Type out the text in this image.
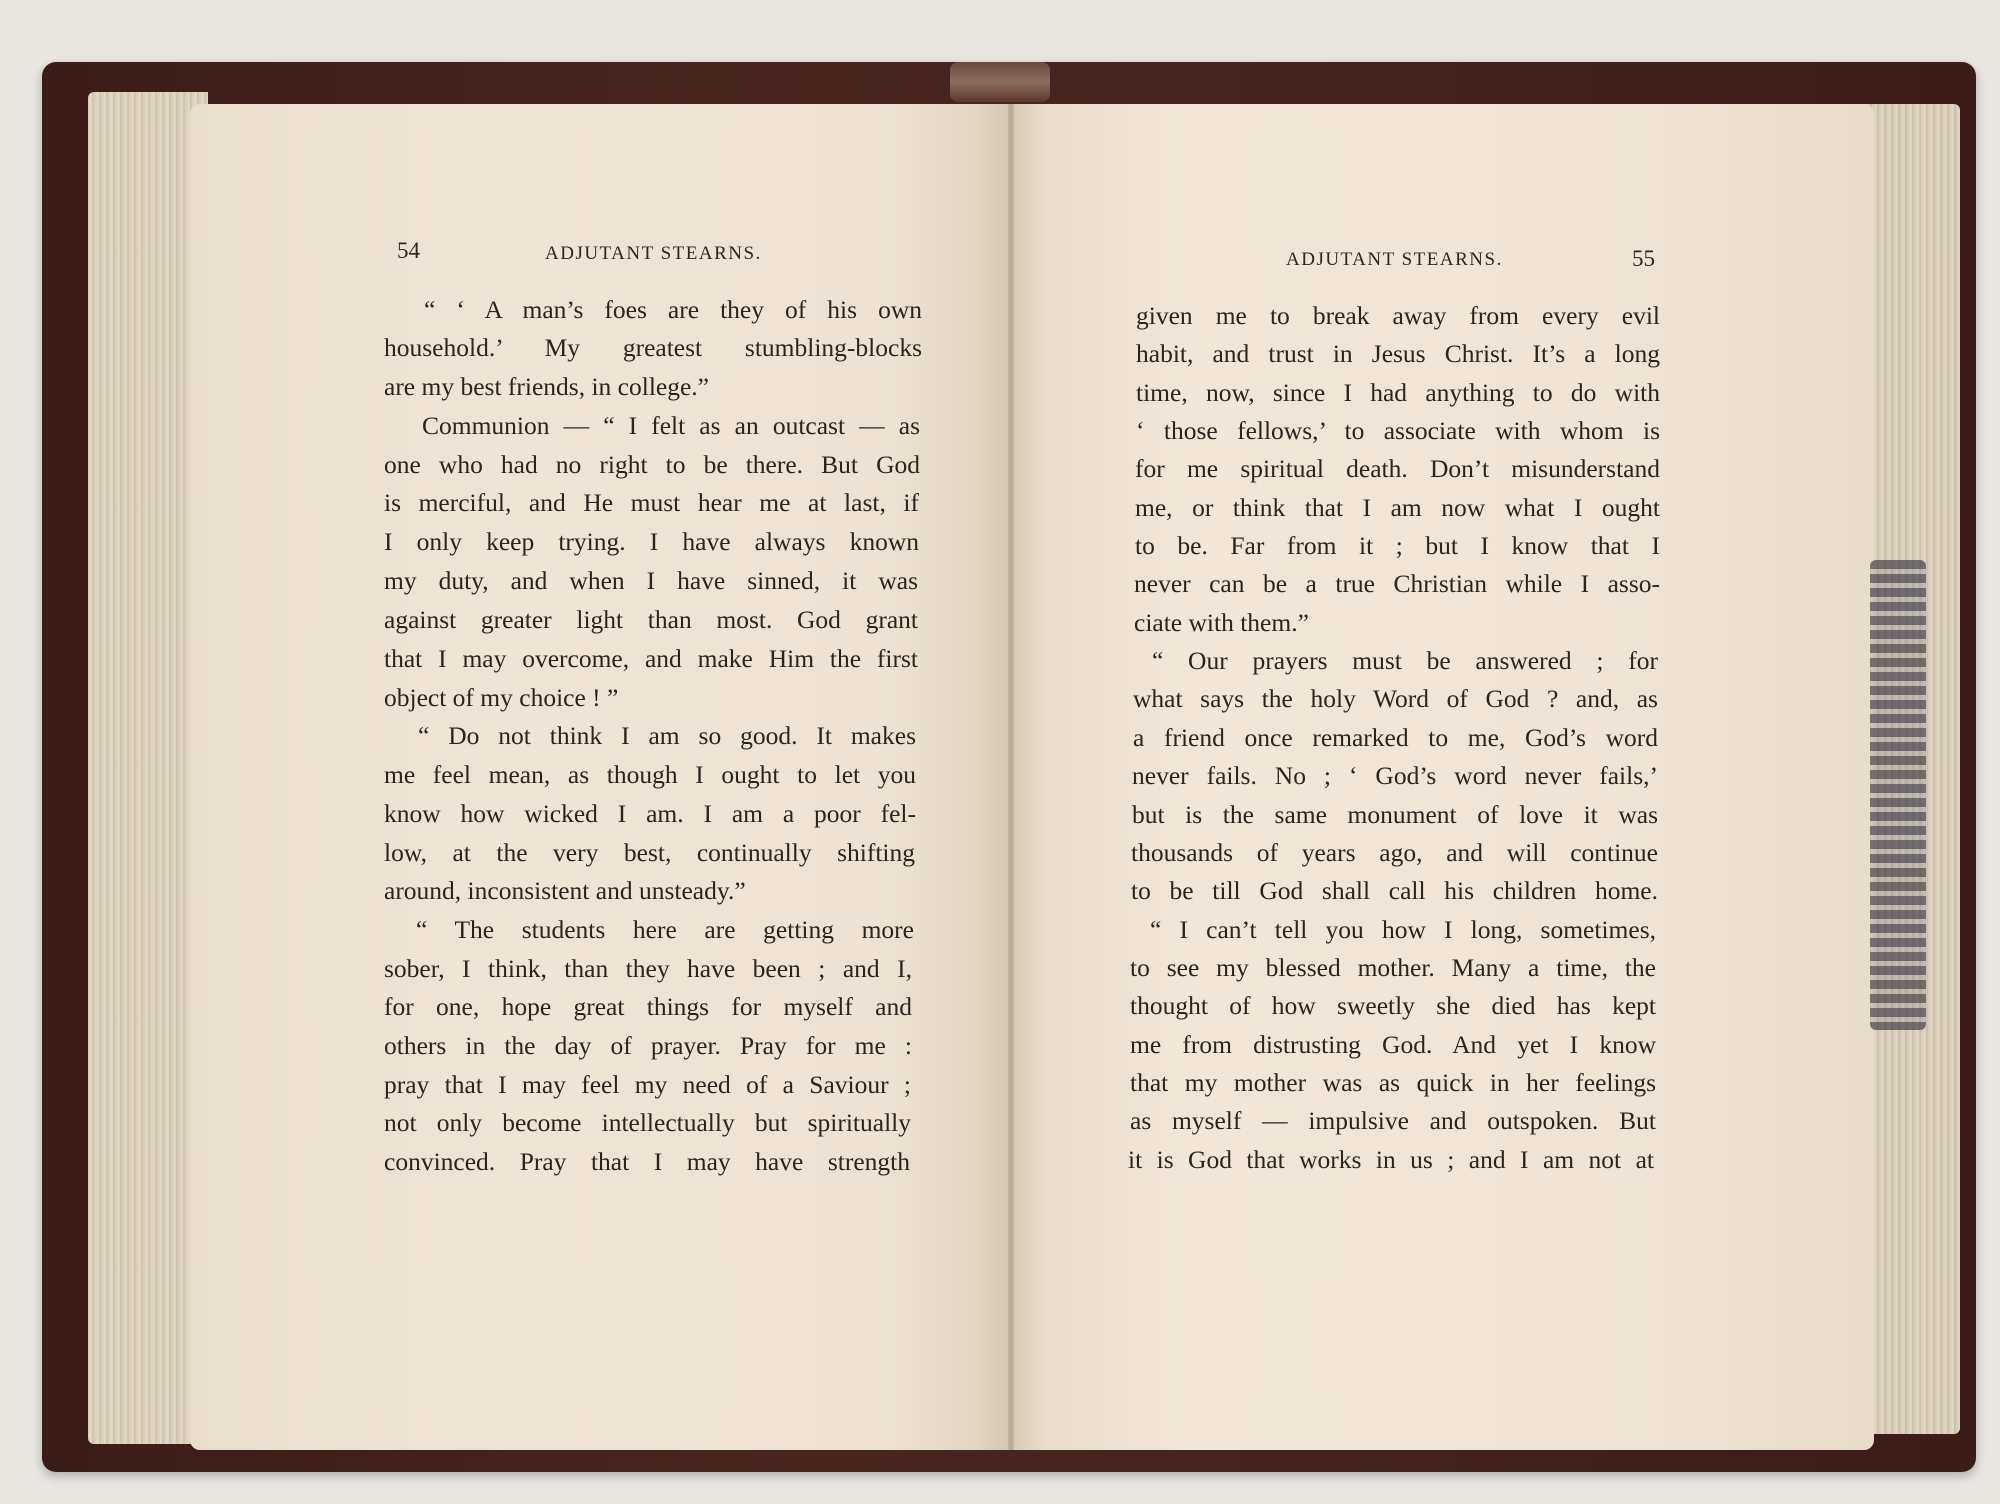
54	ADJUTANT STEARNS.	ADJUTANT STEARNS.	55
“ ‘ A man’s foes are they of his own
household.’ My greatest stumbling-blocks
are my best friends, in college.”
Communion — “ I felt as an outcast — as
one who had no right to be there. But God
is merciful, and He must hear me at last, if
I only keep trying. I have always known
my duty, and when I have sinned, it was
against greater light than most. God grant
that I may overcome, and make Him the first
object of my choice ! ”
“ Do not think I am so good. It makes
me feel mean, as though I ought to let you
know how wicked I am. I am a poor fel-
low, at the very best, continually shifting
around, inconsistent and unsteady.”
“ The students here are getting more
sober, I think, than they have been ; and I,
for one, hope great things for myself and
others in the day of prayer. Pray for me :
pray that I may feel my need of a Saviour ;
not only become intellectually but spiritually
convinced. Pray that I may have strength
given me to break away from every evil
habit, and trust in Jesus Christ. It’s a long
time, now, since I had anything to do with
‘ those fellows,’ to associate with whom is
for me spiritual death. Don’t misunderstand
me, or think that I am now what I ought
to be. Far from it ; but I know that I
never can be a true Christian while I asso-
ciate with them.”
“ Our prayers must be answered ; for
what says the holy Word of God ? and, as
a friend once remarked to me, God’s word
never fails. No ; ‘ God’s word never fails,’
but is the same monument of love it was
thousands of years ago, and will continue
to be till God shall call his children home.
“ I can’t tell you how I long, sometimes,
to see my blessed mother. Many a time, the
thought of how sweetly she died has kept
me from distrusting God. And yet I know
that my mother was as quick in her feelings
as myself — impulsive and outspoken. But
it is God that works in us ; and I am not at
